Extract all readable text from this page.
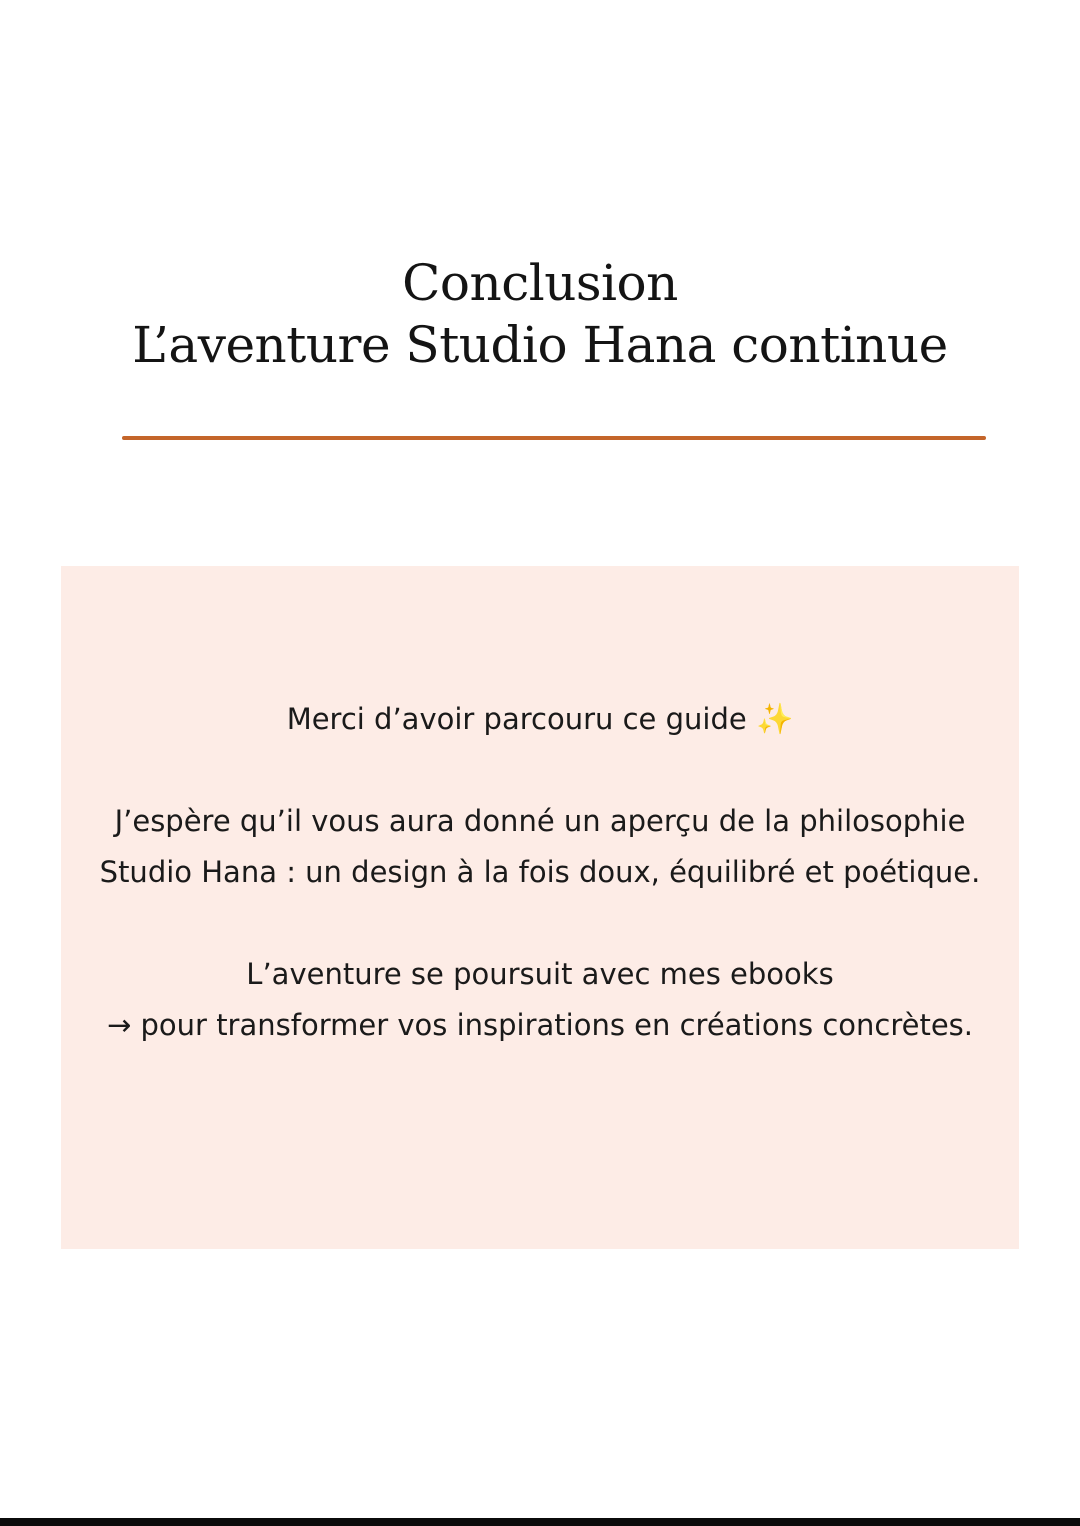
Conclusion

L’aventure Studio Hana continue

Merci d’avoir parcouru ce guide ✨

J’espère qu’il vous aura donné un aperçu de la philosophie
Studio Hana : un design à la fois doux, équilibré et poétique.

L’aventure se poursuit avec mes ebooks
→ pour transformer vos inspirations en créations concrètes.
